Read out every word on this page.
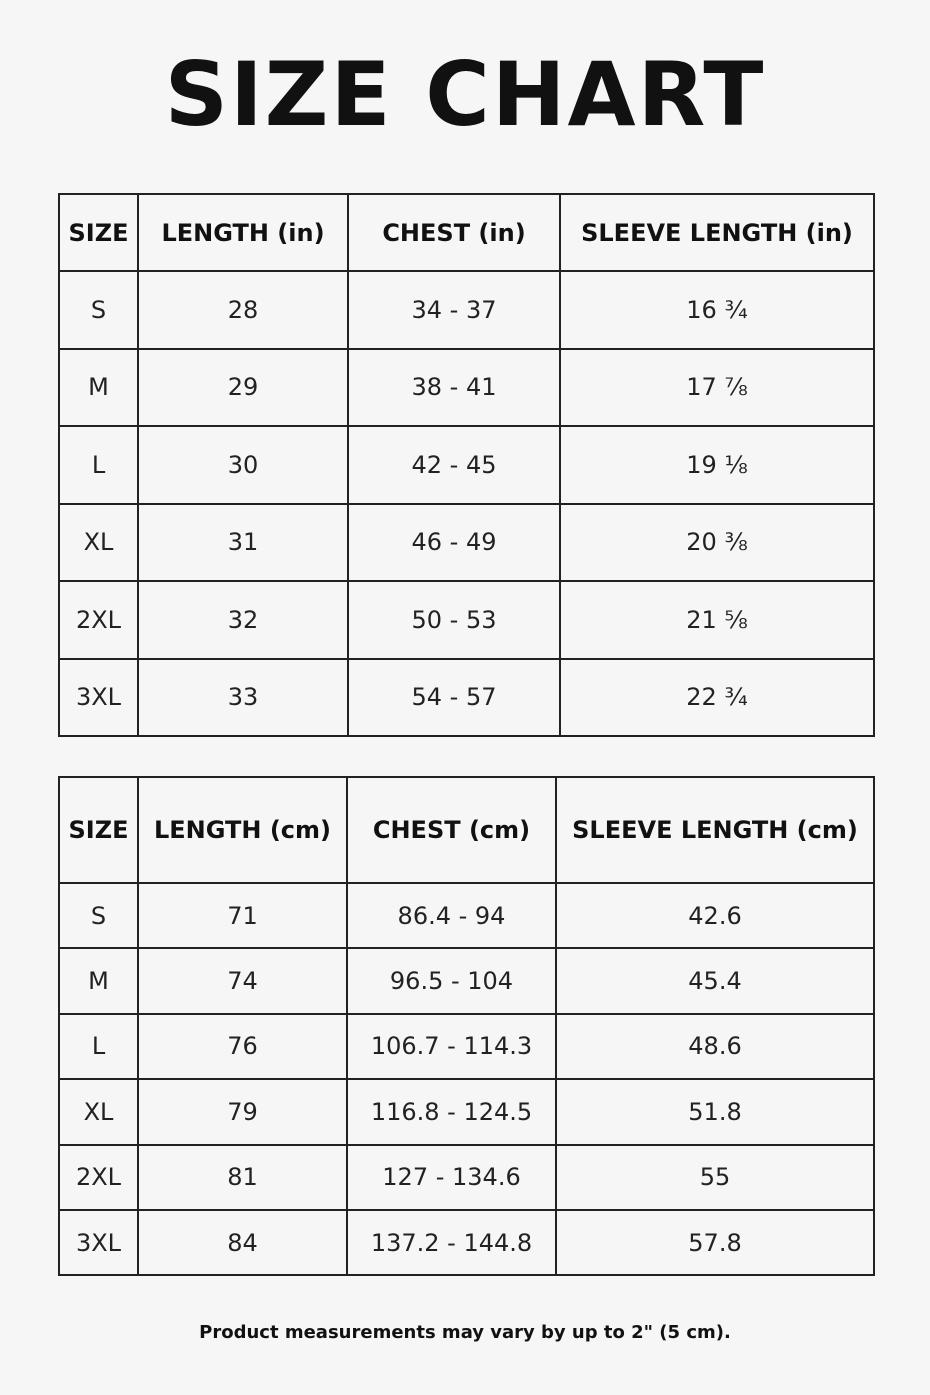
SIZE CHART
SIZE	LENGTH (in)	CHEST (in)	SLEEVE LENGTH (in)
S	28	34 - 37	16 ¾
M	29	38 - 41	17 ⅞
L	30	42 - 45	19 ⅛
XL	31	46 - 49	20 ⅜
2XL	32	50 - 53	21 ⅝
3XL	33	54 - 57	22 ¾
SIZE	LENGTH (cm)	CHEST (cm)	SLEEVE LENGTH (cm)
S	71	86.4 - 94	42.6
M	74	96.5 - 104	45.4
L	76	106.7 - 114.3	48.6
XL	79	116.8 - 124.5	51.8
2XL	81	127 - 134.6	55
3XL	84	137.2 - 144.8	57.8
Product measurements may vary by up to 2" (5 cm).
